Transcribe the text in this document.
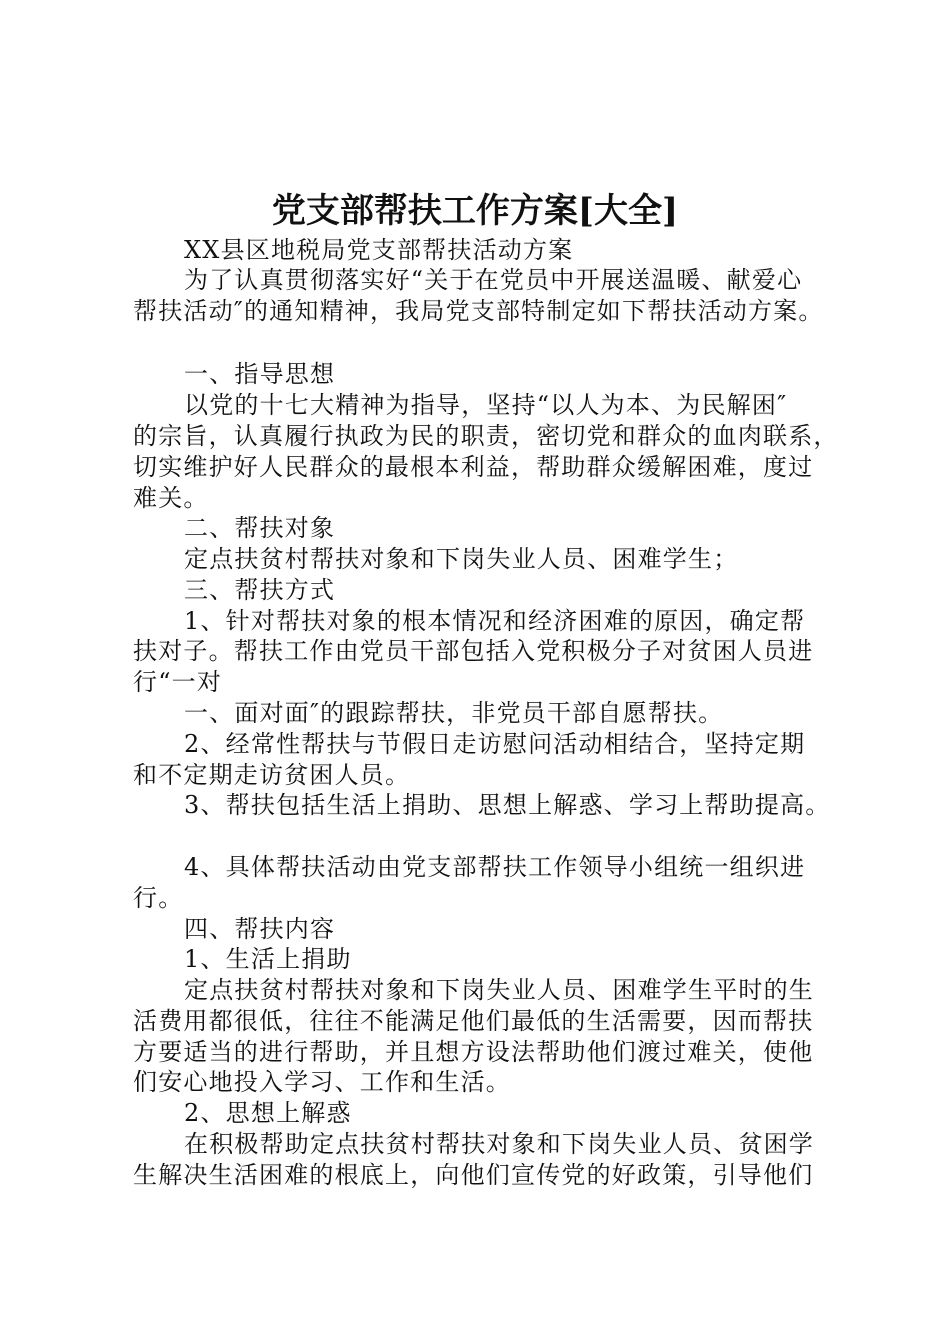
党支部帮扶工作方案[大全]
XX县区地税局党支部帮扶活动方案
为了认真贯彻落实好“关于在党员中开展送温暖、献爱心
帮扶活动″的通知精神，我局党支部特制定如下帮扶活动方案。
一、指导思想
以党的十七大精神为指导，坚持“以人为本、为民解困″
的宗旨，认真履行执政为民的职责，密切党和群众的血肉联系，
切实维护好人民群众的最根本利益，帮助群众缓解困难，度过
难关。
二、帮扶对象
定点扶贫村帮扶对象和下岗失业人员、困难学生；
三、帮扶方式
1、针对帮扶对象的根本情况和经济困难的原因，确定帮
扶对子。帮扶工作由党员干部包括入党积极分子对贫困人员进
行“一对
一、面对面″的跟踪帮扶，非党员干部自愿帮扶。
2、经常性帮扶与节假日走访慰问活动相结合，坚持定期
和不定期走访贫困人员。
3、帮扶包括生活上捐助、思想上解惑、学习上帮助提高。
4、具体帮扶活动由党支部帮扶工作领导小组统一组织进
行。
四、帮扶内容
1、生活上捐助
定点扶贫村帮扶对象和下岗失业人员、困难学生平时的生
活费用都很低，往往不能满足他们最低的生活需要，因而帮扶
方要适当的进行帮助，并且想方设法帮助他们渡过难关，使他
们安心地投入学习、工作和生活。
2、思想上解惑
在积极帮助定点扶贫村帮扶对象和下岗失业人员、贫困学
生解决生活困难的根底上，向他们宣传党的好政策，引导他们
